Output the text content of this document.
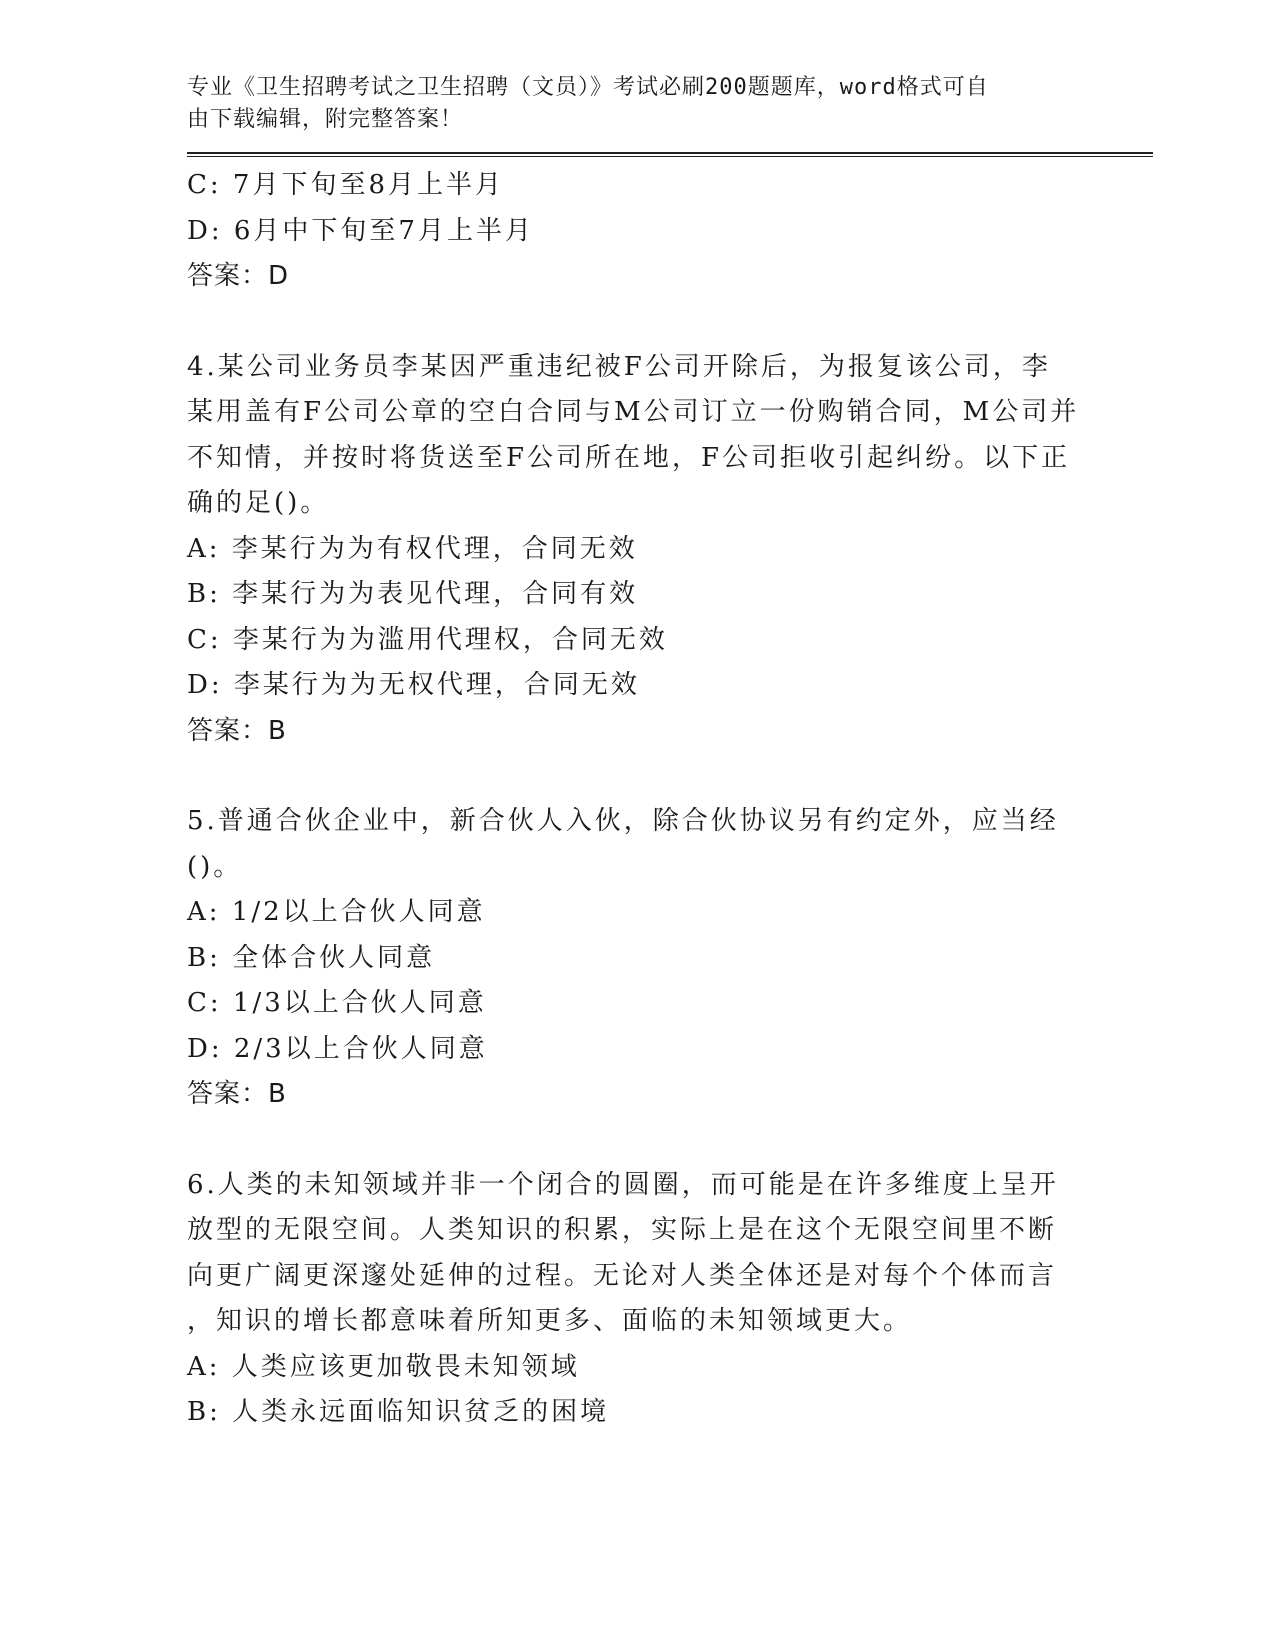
专业《卫生招聘考试之卫生招聘（文员）》考试必刷200题题库，word格式可自
由下载编辑，附完整答案！
C: 7月下旬至8月上半月
D: 6月中下旬至7月上半月
答案：D
4.某公司业务员李某因严重违纪被F公司开除后，为报复该公司，李
某用盖有F公司公章的空白合同与M公司订立一份购销合同，M公司并
不知情，并按时将货送至F公司所在地，F公司拒收引起纠纷。以下正
确的足()。
A: 李某行为为有权代理，合同无效
B: 李某行为为表见代理，合同有效
C: 李某行为为滥用代理权，合同无效
D: 李某行为为无权代理，合同无效
答案：B
5.普通合伙企业中，新合伙人入伙，除合伙协议另有约定外，应当经
()。
A: 1/2以上合伙人同意
B: 全体合伙人同意
C: 1/3以上合伙人同意
D: 2/3以上合伙人同意
答案：B
6.人类的未知领域并非一个闭合的圆圈，而可能是在许多维度上呈开
放型的无限空间。人类知识的积累，实际上是在这个无限空间里不断
向更广阔更深邃处延伸的过程。无论对人类全体还是对每个个体而言
，知识的增长都意味着所知更多、面临的未知领域更大。
A: 人类应该更加敬畏未知领域
B: 人类永远面临知识贫乏的困境
